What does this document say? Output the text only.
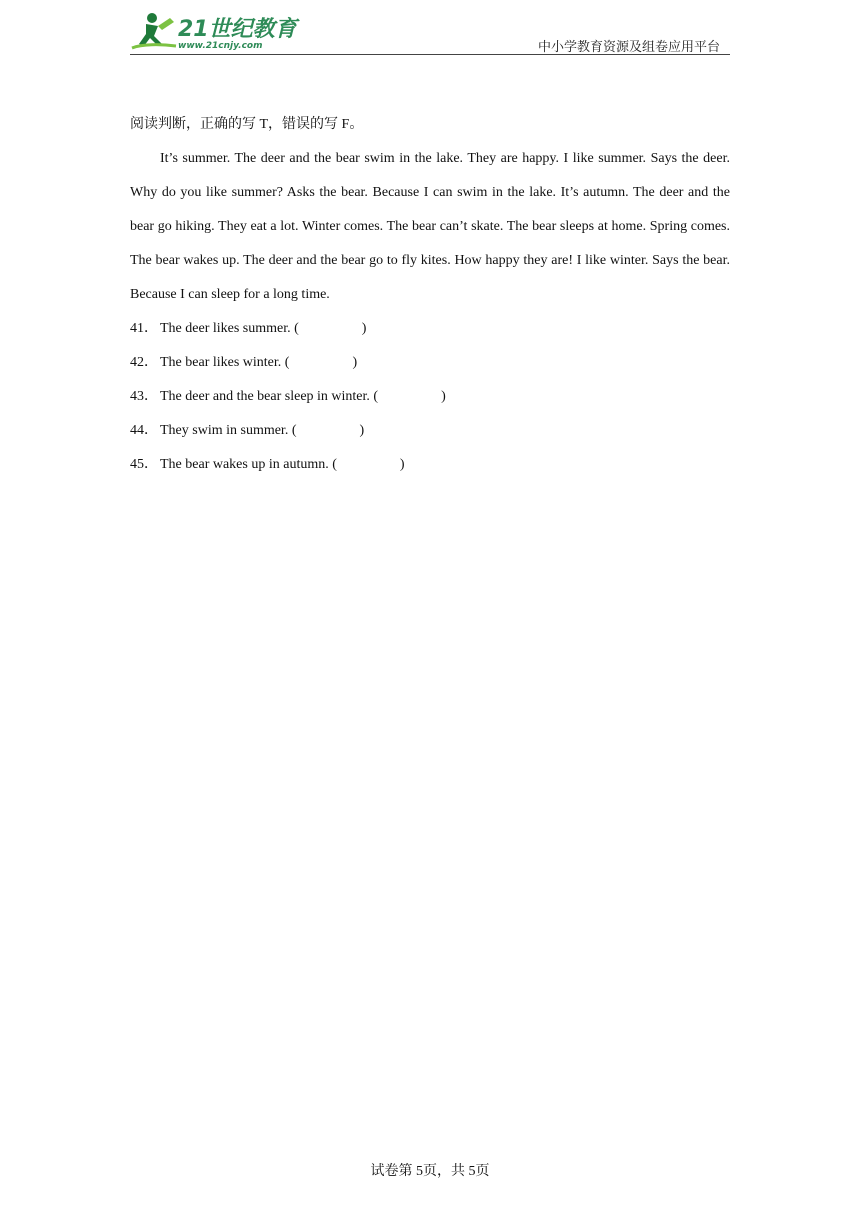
21世纪教育
www.21cnjy.com	中小学教育资源及组卷应用平台

阅读判断，正确的写 T，错误的写 F。

It’s summer. The deer and the bear swim in the lake. They are happy. I like summer. Says the deer. Why do you like summer? Asks the bear. Because I can swim in the lake. It’s autumn. The deer and the bear go hiking. They eat a lot. Winter comes. The bear can’t skate. The bear sleeps at home. Spring comes. The bear wakes up. The deer and the bear go to fly kites. How happy they are! I like winter. Says the bear. Because I can sleep for a long time.

41． The deer likes summer. (	)

42． The bear likes winter. (	)

43． The deer and the bear sleep in winter. (	)

44． They swim in summer. (	)

45． The bear wakes up in autumn. (	)

试卷第 5页，共 5页
